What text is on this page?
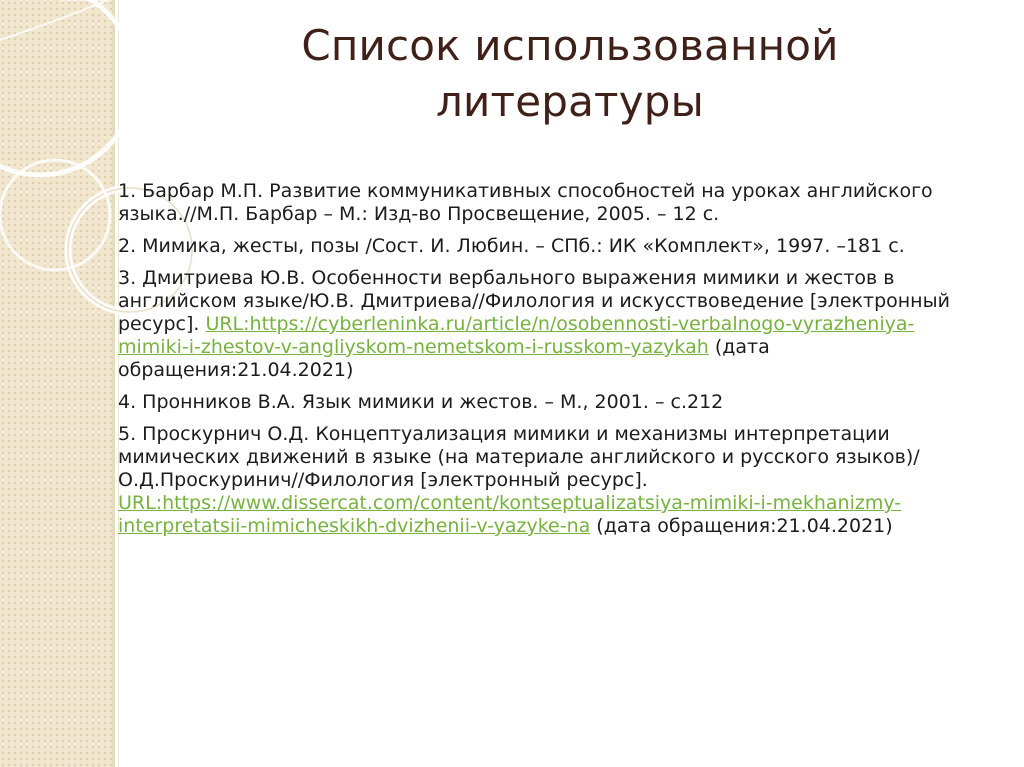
Список использованной
литературы

1. Барбар М.П. Развитие коммуникативных способностей на уроках английского языка.//М.П. Барбар – М.: Изд-во Просвещение, 2005. – 12 с.

2. Мимика, жесты, позы /Сост. И. Любин. – СПб.: ИК «Комплект», 1997. –181 с.

3. Дмитриева Ю.В. Особенности вербального выражения мимики и жестов в английском языке/Ю.В. Дмитриева//Филология и искусствоведение [электронный ресурс]. URL:https://cyberleninka.ru/article/n/osobennosti-verbalnogo-vyrazheniya-mimiki-i-zhestov-v-angliyskom-nemetskom-i-russkom-yazykah (дата обращения:21.04.2021)

4. Пронников В.А. Язык мимики и жестов. – М., 2001. – с.212

5. Проскурнич О.Д. Концептуализация мимики и механизмы интерпретации мимических движений в языке (на материале английского и русского языков)/О.Д.Проскуринич//Филология [электронный ресурс]. URL:https://www.dissercat.com/content/kontseptualizatsiya-mimiki-i-mekhanizmy-interpretatsii-mimicheskikh-dvizhenii-v-yazyke-na (дата обращения:21.04.2021)
